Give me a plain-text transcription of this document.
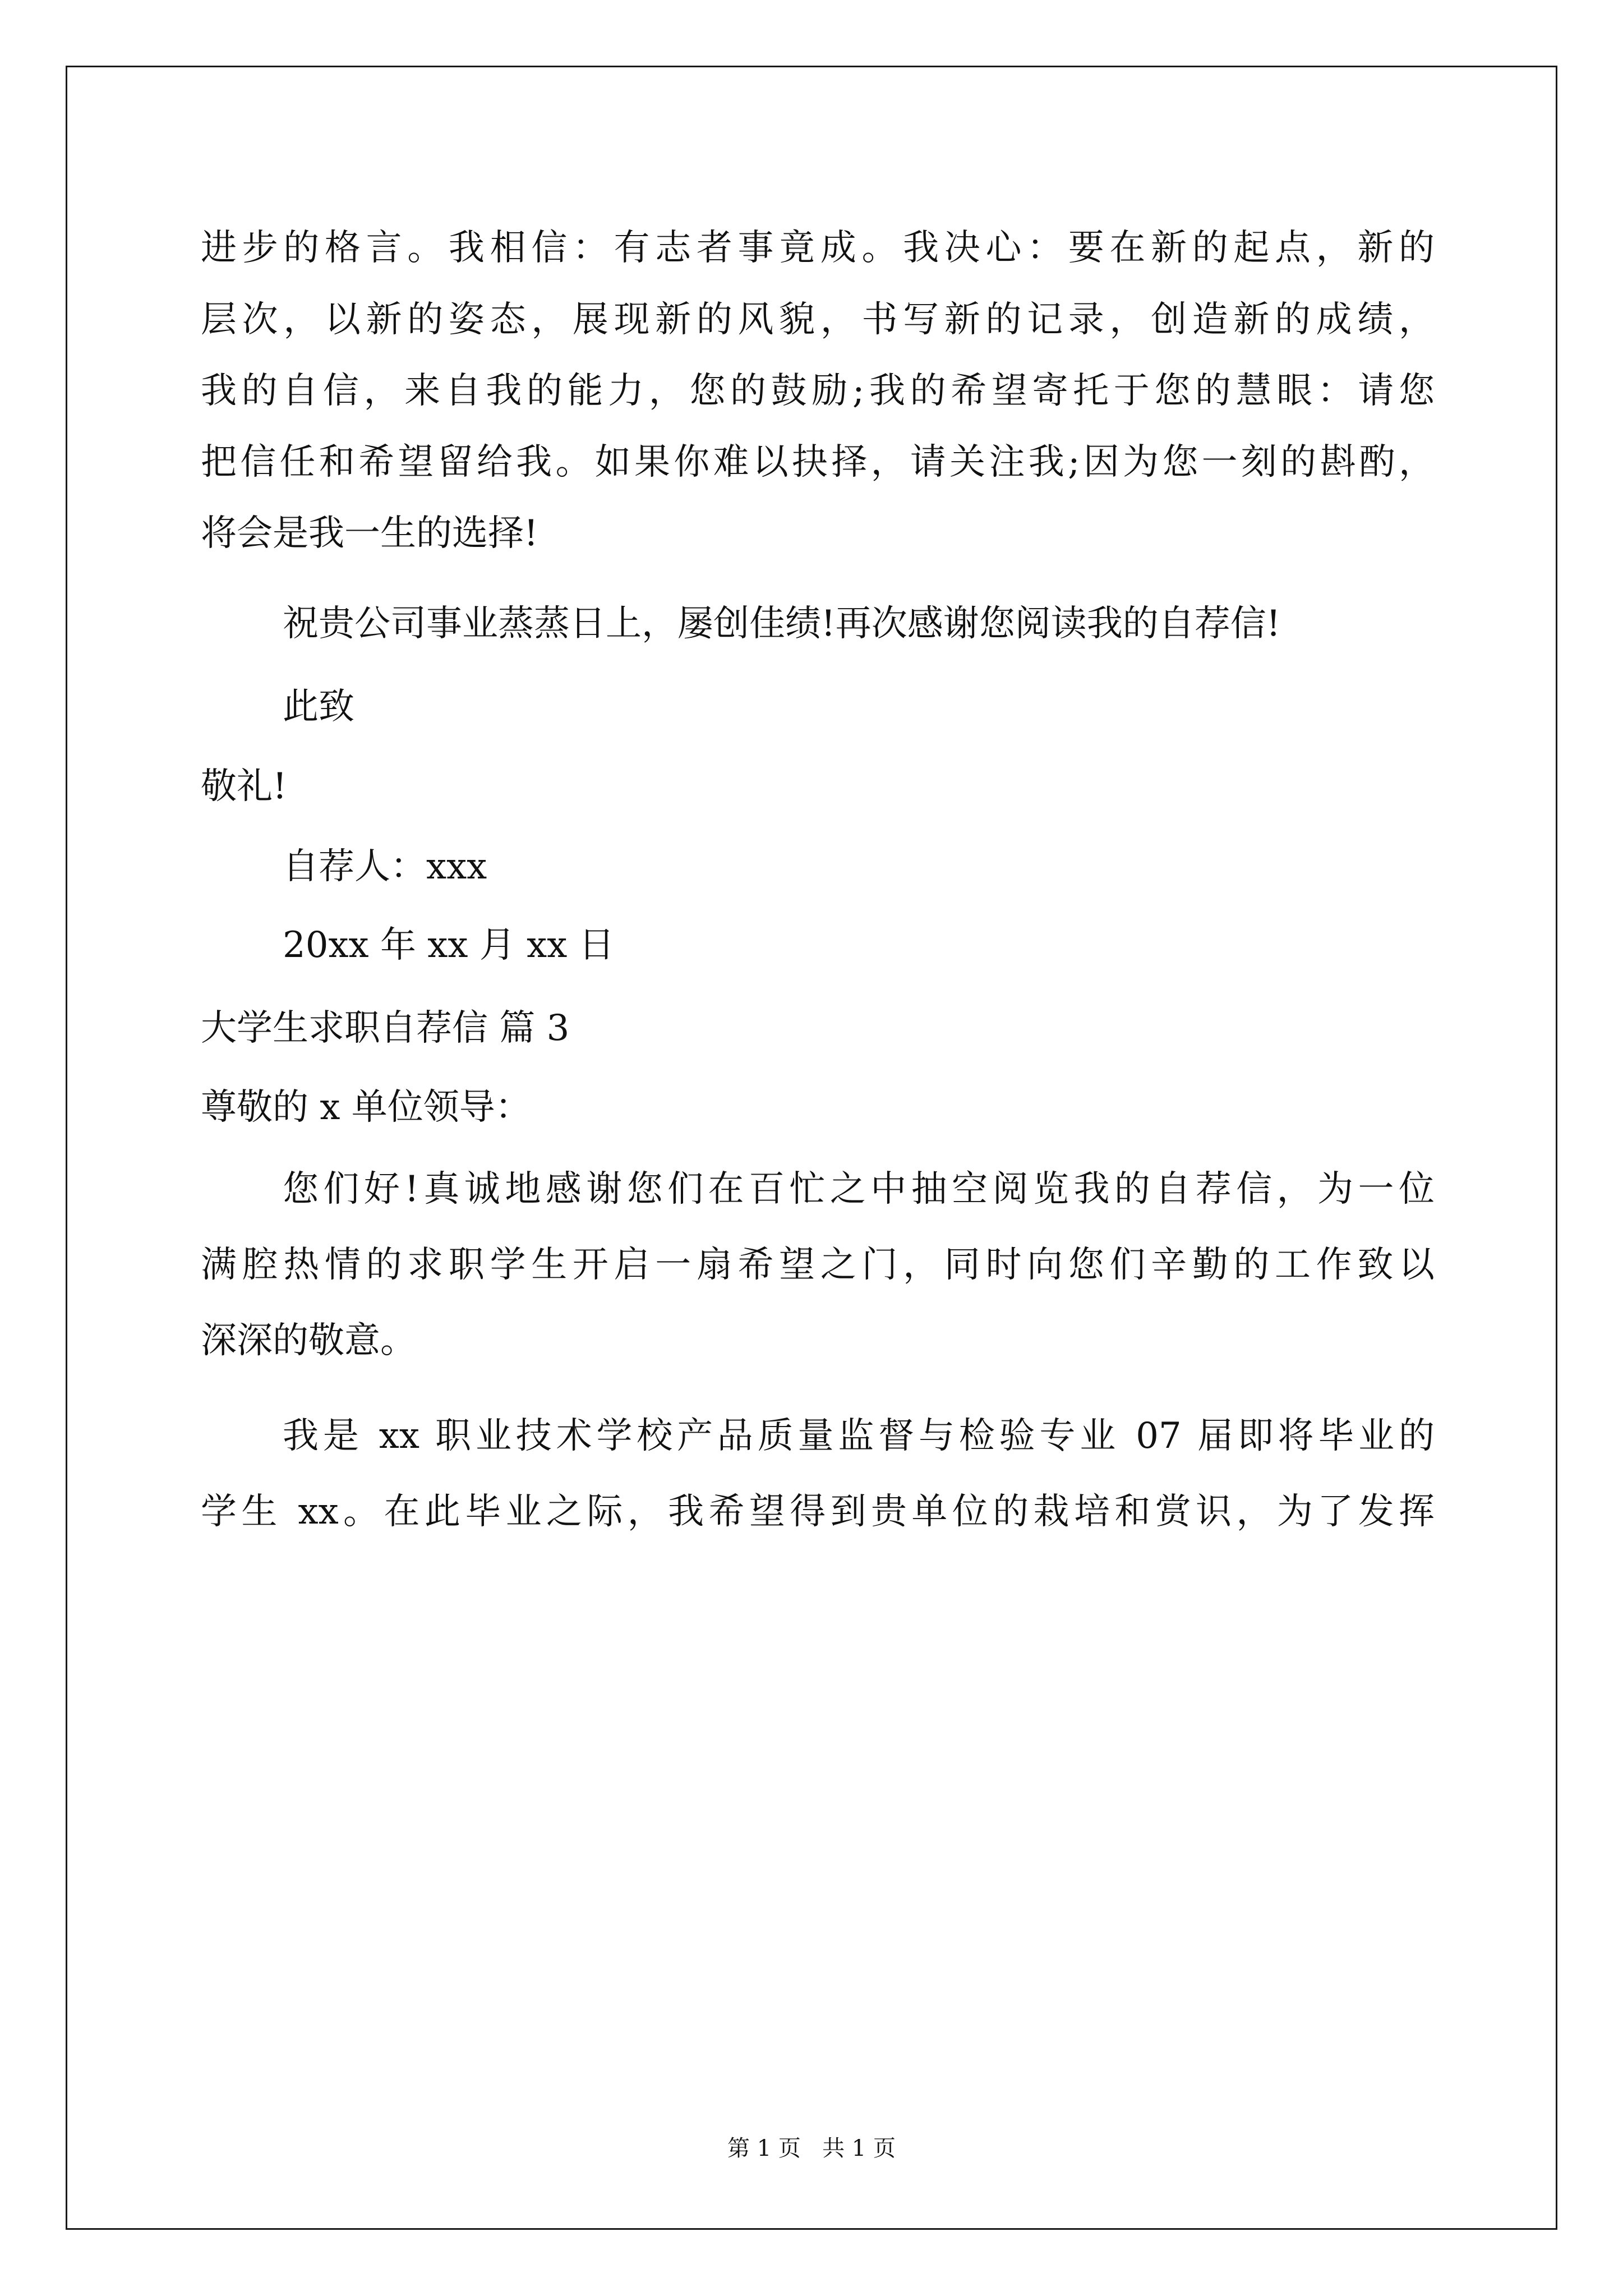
进步的格言。我相信：有志者事竟成。我决心：要在新的起点，新的
层次，以新的姿态，展现新的风貌，书写新的记录，创造新的成绩，
我的自信，来自我的能力，您的鼓励;我的希望寄托于您的慧眼：请您
把信任和希望留给我。如果你难以抉择，请关注我;因为您一刻的斟酌，
将会是我一生的选择!
祝贵公司事业蒸蒸日上，屡创佳绩!再次感谢您阅读我的自荐信!
此致
敬礼!
自荐人：xxx
20xx 年 xx 月 xx 日
大学生求职自荐信 篇 3
尊敬的 x 单位领导：
您们好!真诚地感谢您们在百忙之中抽空阅览我的自荐信，为一位
满腔热情的求职学生开启一扇希望之门，同时向您们辛勤的工作致以
深深的敬意。
我是 xx 职业技术学校产品质量监督与检验专业 07 届即将毕业的
学生 xx。在此毕业之际，我希望得到贵单位的栽培和赏识，为了发挥
第 1 页   共 1 页
